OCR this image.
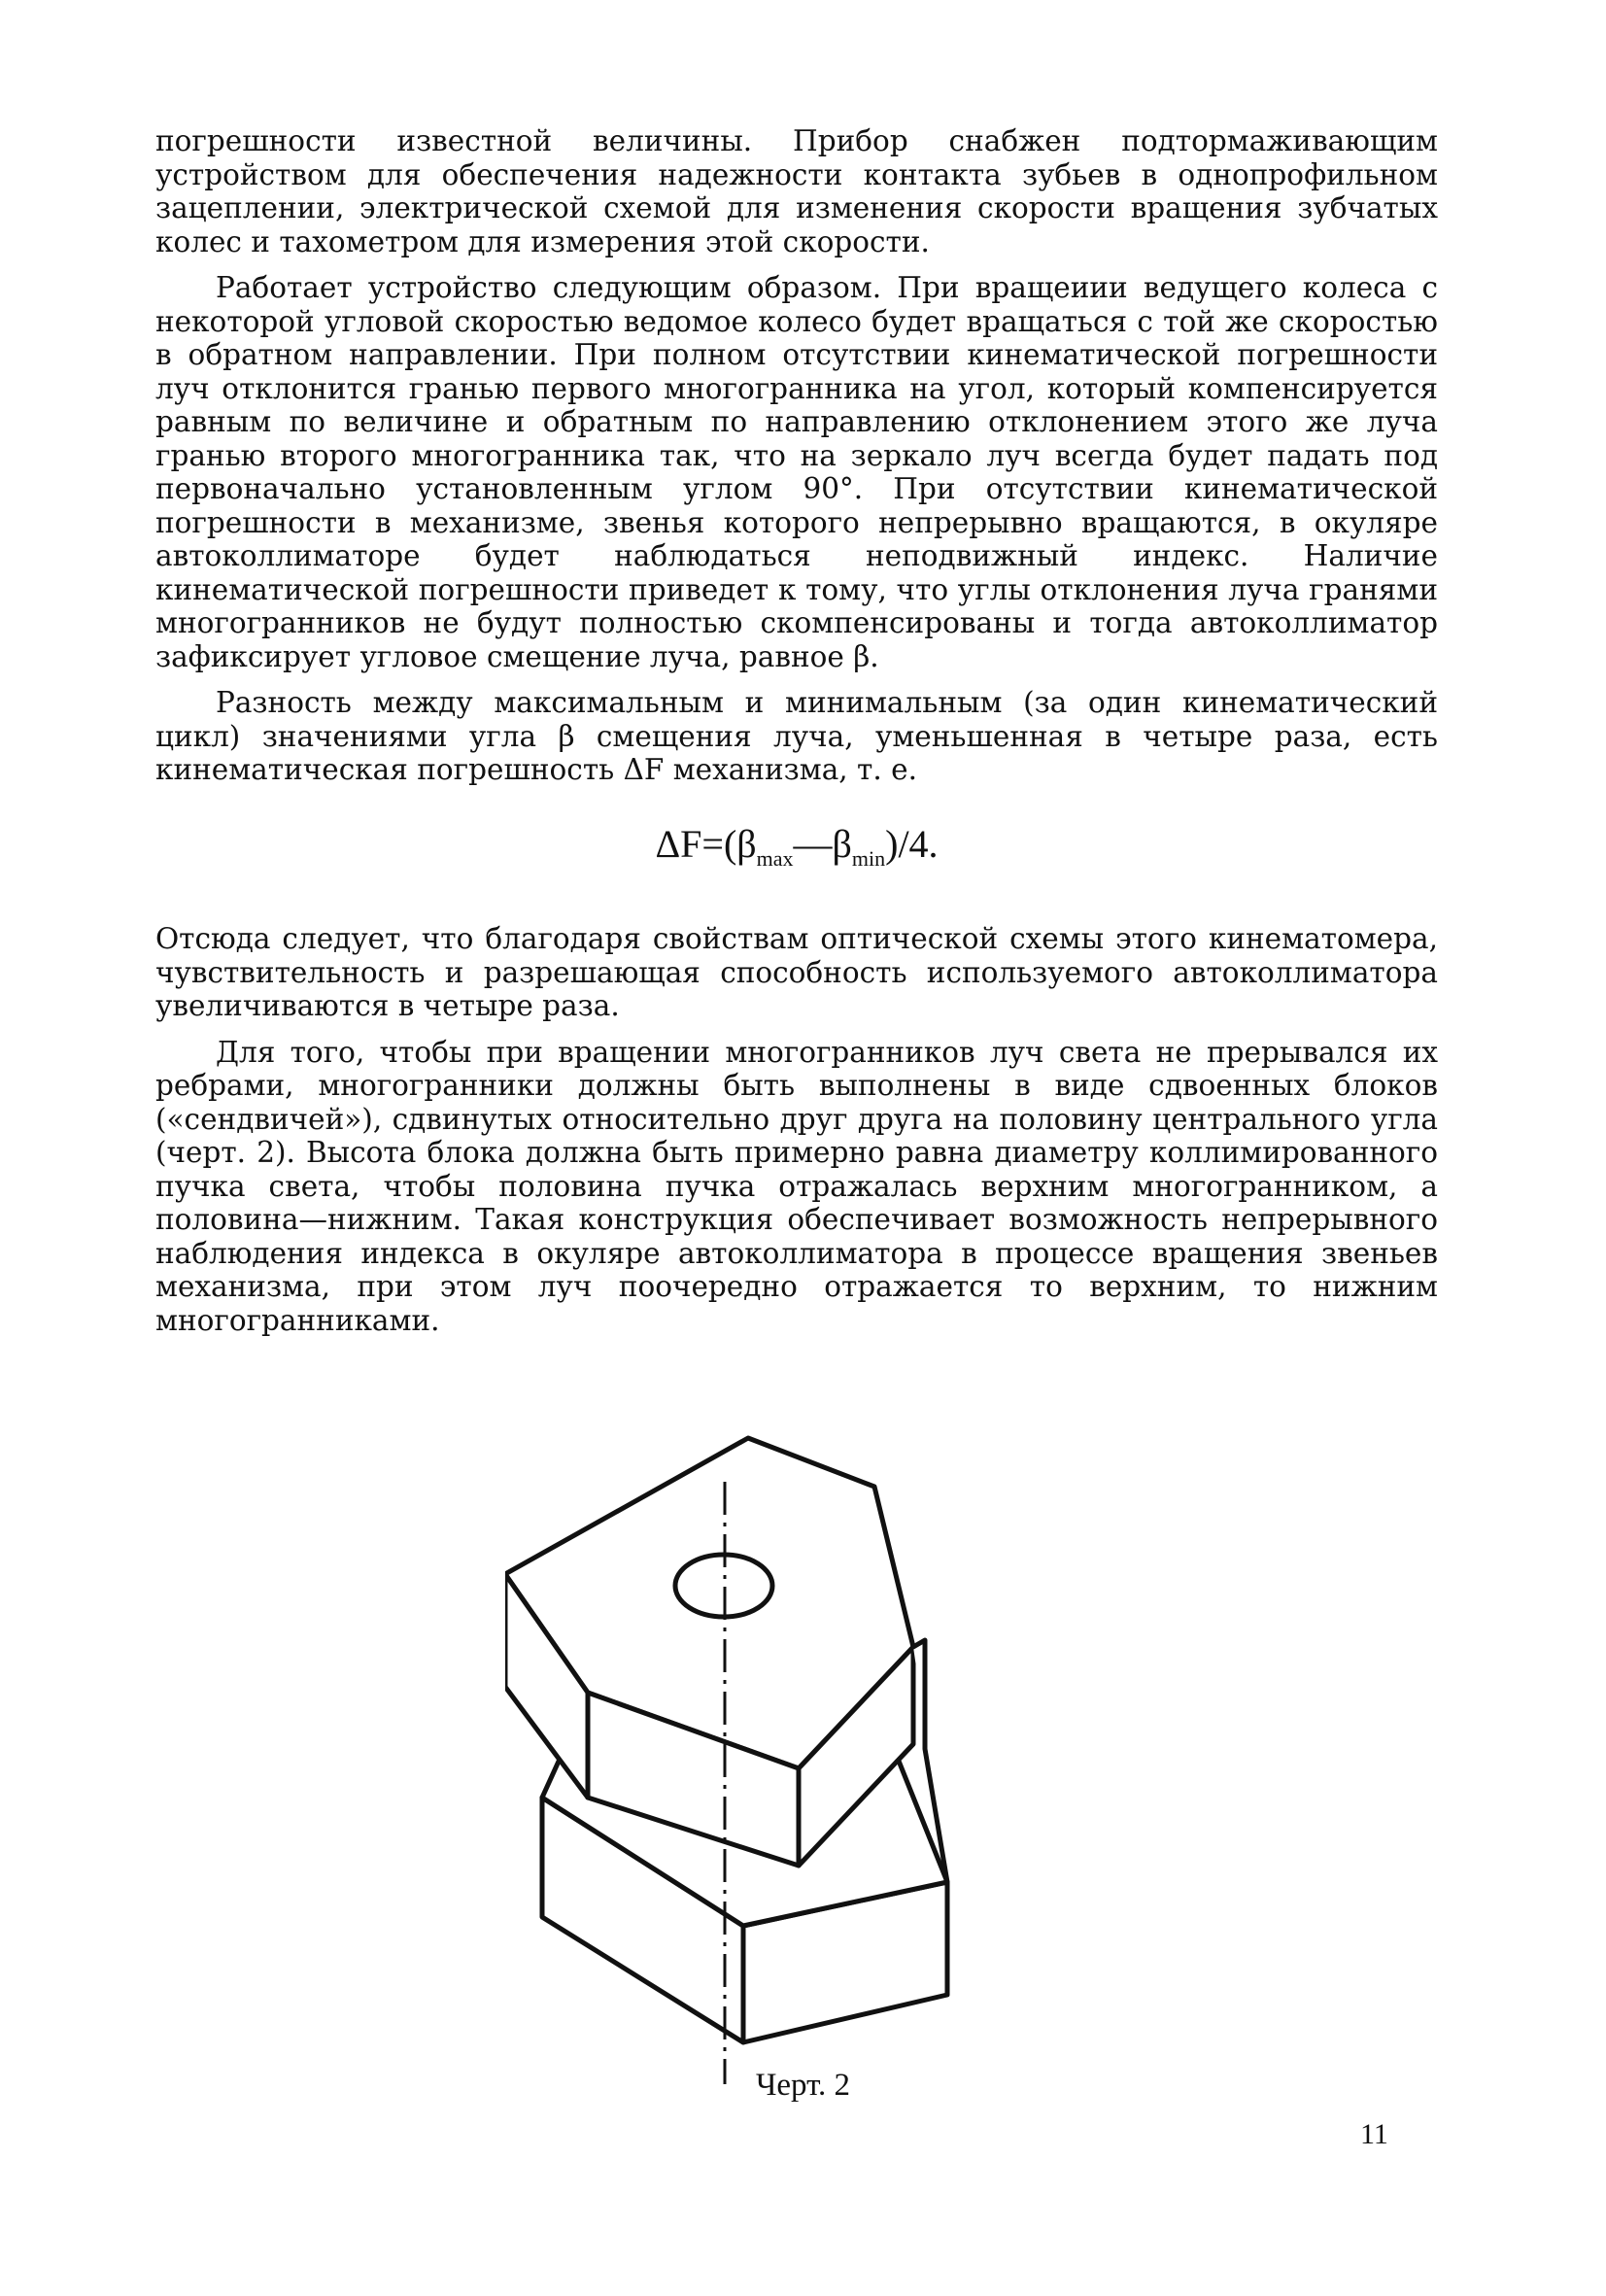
погрешности известной величины. Прибор снабжен подтормаживающим устройством для обеспечения надежности контакта зубьев в однопрофильном зацеплении, электрической схемой для изменения скорости вращения зубчатых колес и тахометром для измерения этой скорости.

Работает устройство следующим образом. При вращеиии ведущего колеса с некоторой угловой скоростью ведомое колесо будет вращаться с той же скоростью в обратном направлении. При полном отсутствии кинематической погрешности луч отклонится гранью первого многогранника на угол, который компенсируется равным по величине и обратным по направлению отклонением этого же луча гранью второго многогранника так, что на зеркало луч всегда будет падать под первоначально установленным углом 90°. При отсутствии кинематической погрешности в механизме, звенья которого непрерывно вращаются, в окуляре автоколлиматоре будет наблюдаться неподвижный индекс. Наличие кинематической погрешности приведет к тому, что углы отклонения луча гранями многогранников не будут полностью скомпенсированы и тогда автоколлиматор зафиксирует угловое смещение луча, равное β.

Разность между максимальным и минимальным (за один кинематический цикл) значениями угла β смещения луча, уменьшенная в четыре раза, есть кинематическая погрешность ΔF механизма, т. е.

$\Delta F=(\beta_{max}—\beta_{min})/4$.

Отсюда следует, что благодаря свойствам оптической схемы этого кинематомера, чувствительность и разрешающая способность используемого автоколлиматора увеличиваются в четыре раза.

Для того, чтобы при вращении многогранников луч света не прерывался их ребрами, многогранники должны быть выполнены в виде сдвоенных блоков («сендвичей»), сдвинутых относительно друг друга на половину центрального угла (черт. 2). Высота блока должна быть примерно равна диаметру коллимированного пучка света, чтобы половина пучка отражалась верхним многогранником, а половина—нижним. Такая конструкция обеспечивает возможность непрерывного наблюдения индекса в окуляре автоколлиматора в процессе вращения звеньев механизма, при этом луч поочередно отражается то верхним, то нижним многогранниками.

Черт. 2
11
